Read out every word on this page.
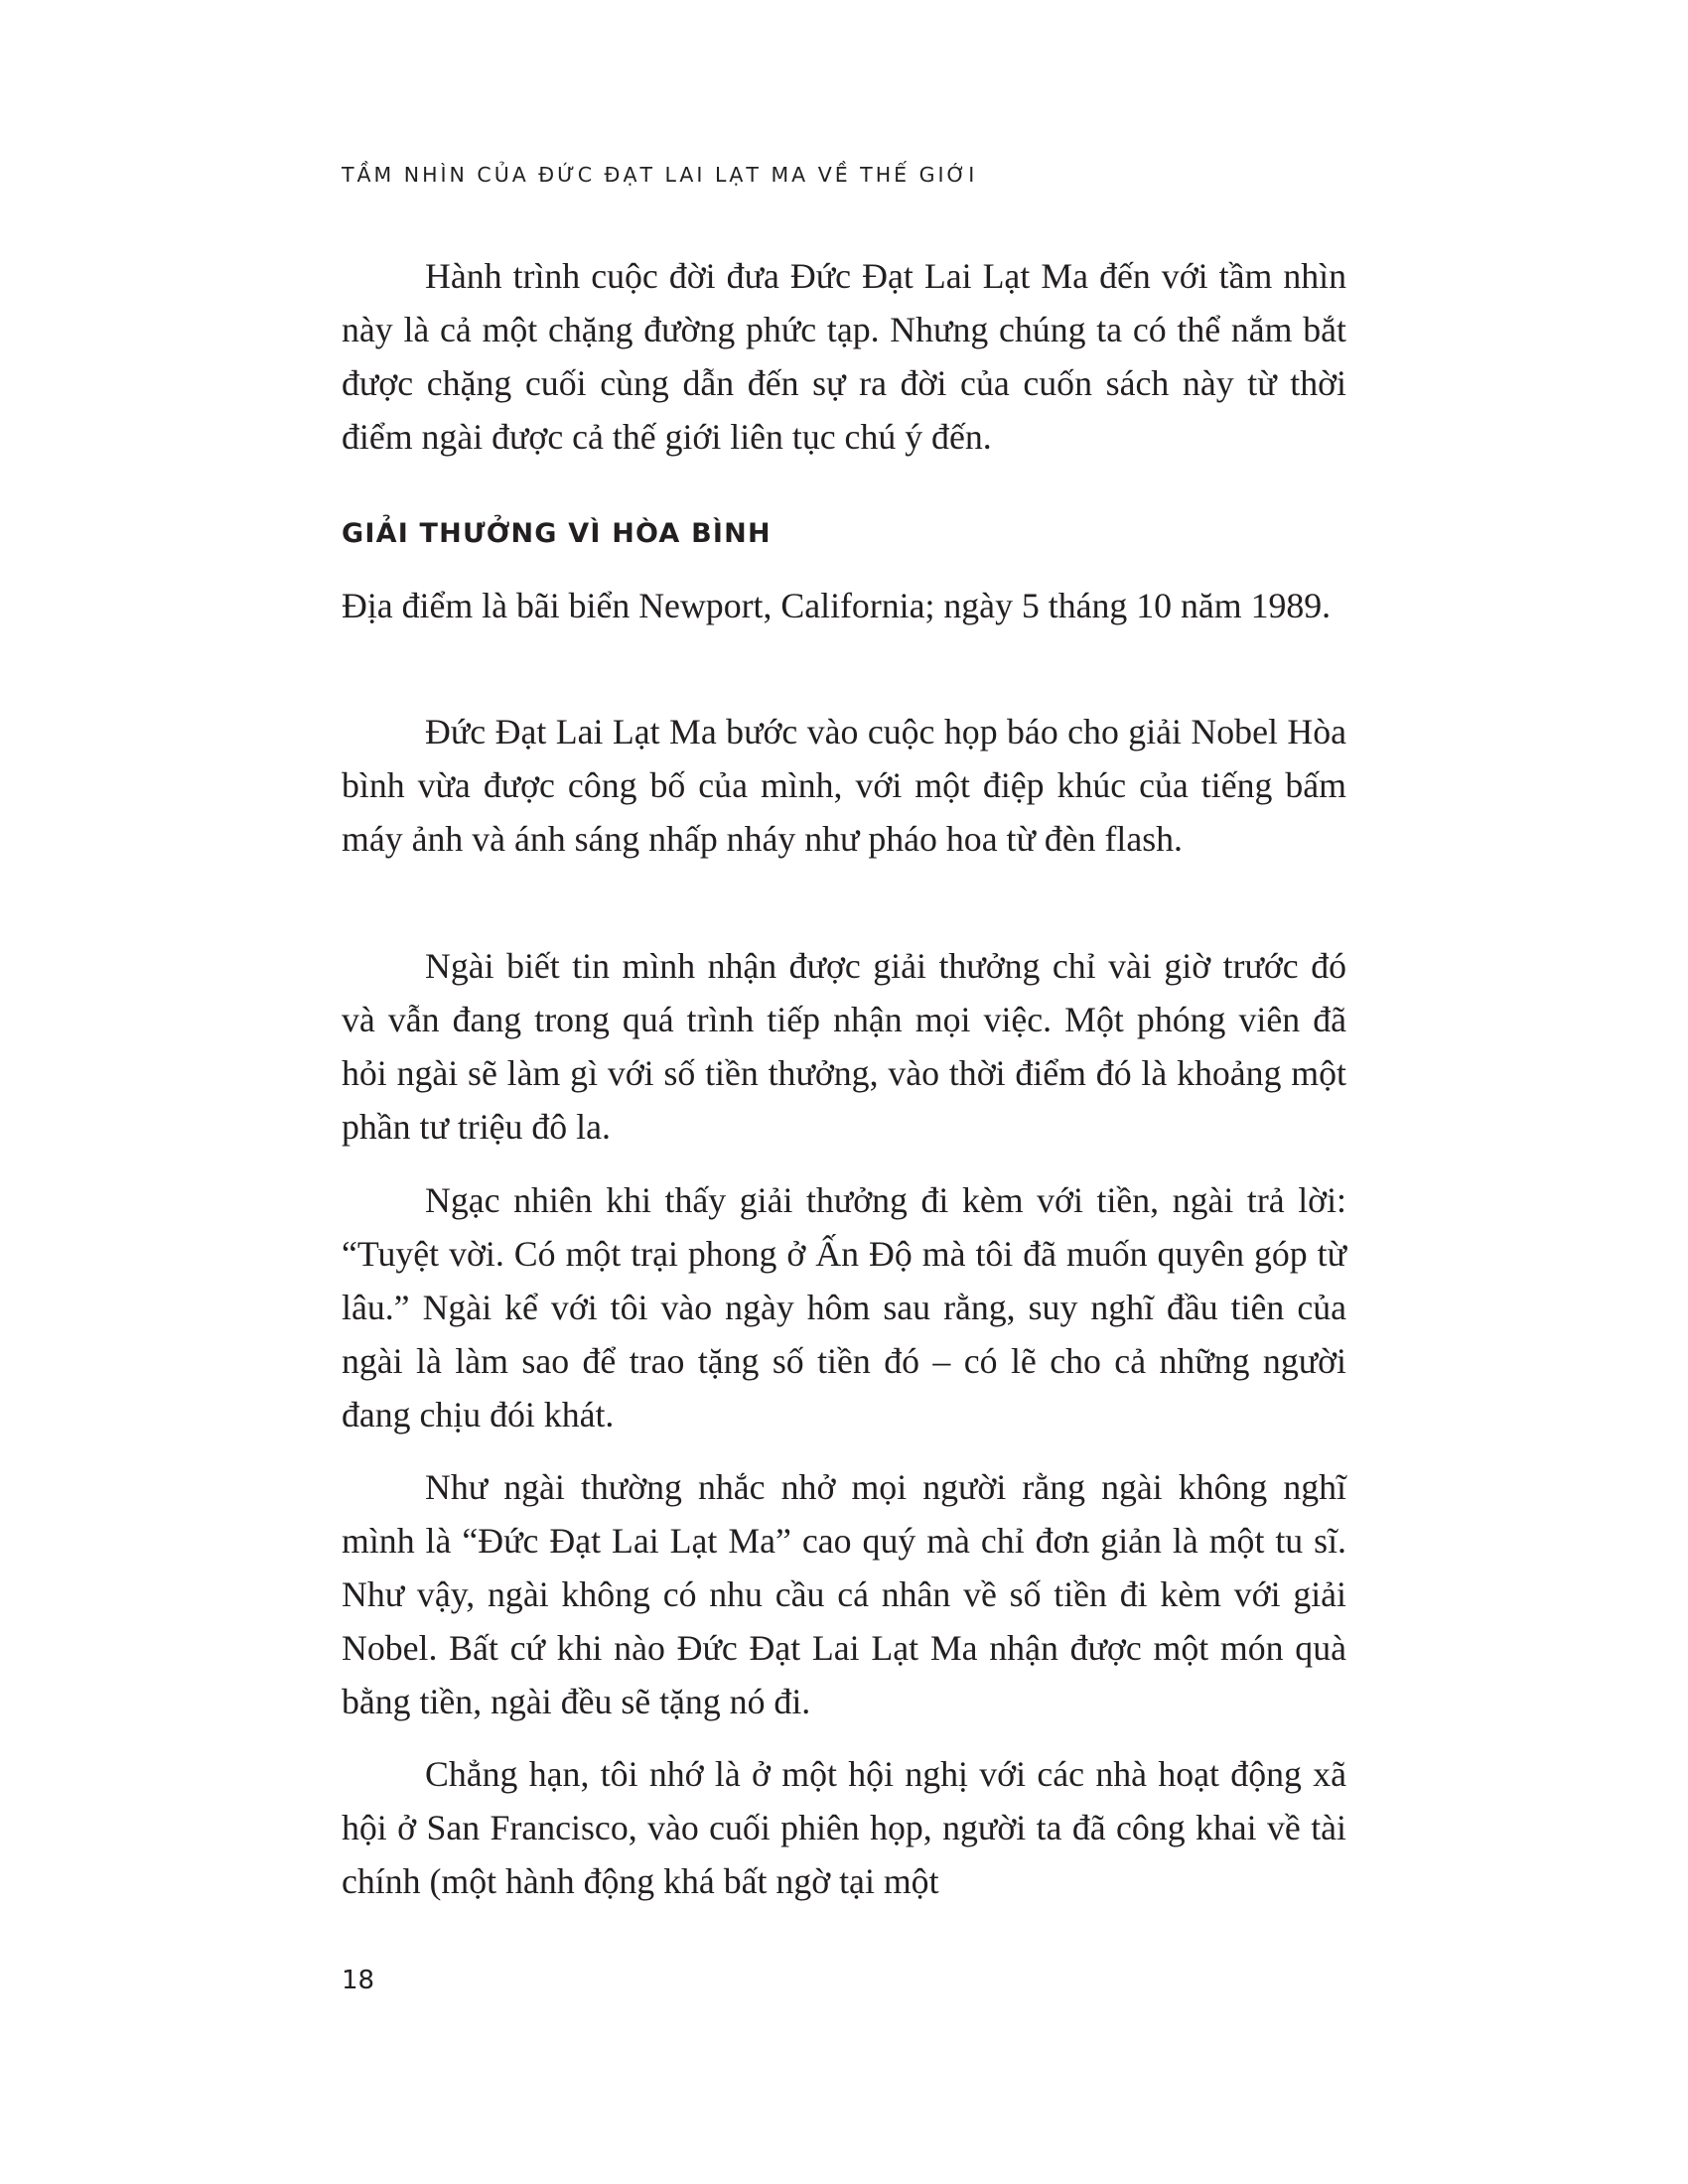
TẦM NHÌN CỦA ĐỨC ĐẠT LAI LẠT MA VỀ THẾ GIỚI

Hành trình cuộc đời đưa Đức Đạt Lai Lạt Ma đến với tầm nhìn này là cả một chặng đường phức tạp. Nhưng chúng ta có thể nắm bắt được chặng cuối cùng dẫn đến sự ra đời của cuốn sách này từ thời điểm ngài được cả thế giới liên tục chú ý đến.

GIẢI THƯỞNG VÌ HÒA BÌNH

Địa điểm là bãi biển Newport, California; ngày 5 tháng 10 năm 1989.

Đức Đạt Lai Lạt Ma bước vào cuộc họp báo cho giải Nobel Hòa bình vừa được công bố của mình, với một điệp khúc của tiếng bấm máy ảnh và ánh sáng nhấp nháy như pháo hoa từ đèn flash.

Ngài biết tin mình nhận được giải thưởng chỉ vài giờ trước đó và vẫn đang trong quá trình tiếp nhận mọi việc. Một phóng viên đã hỏi ngài sẽ làm gì với số tiền thưởng, vào thời điểm đó là khoảng một phần tư triệu đô la.

Ngạc nhiên khi thấy giải thưởng đi kèm với tiền, ngài trả lời: “Tuyệt vời. Có một trại phong ở Ấn Độ mà tôi đã muốn quyên góp từ lâu.” Ngài kể với tôi vào ngày hôm sau rằng, suy nghĩ đầu tiên của ngài là làm sao để trao tặng số tiền đó – có lẽ cho cả những người đang chịu đói khát.

Như ngài thường nhắc nhở mọi người rằng ngài không nghĩ mình là “Đức Đạt Lai Lạt Ma” cao quý mà chỉ đơn giản là một tu sĩ. Như vậy, ngài không có nhu cầu cá nhân về số tiền đi kèm với giải Nobel. Bất cứ khi nào Đức Đạt Lai Lạt Ma nhận được một món quà bằng tiền, ngài đều sẽ tặng nó đi.

Chẳng hạn, tôi nhớ là ở một hội nghị với các nhà hoạt động xã hội ở San Francisco, vào cuối phiên họp, người ta đã công khai về tài chính (một hành động khá bất ngờ tại một

18
